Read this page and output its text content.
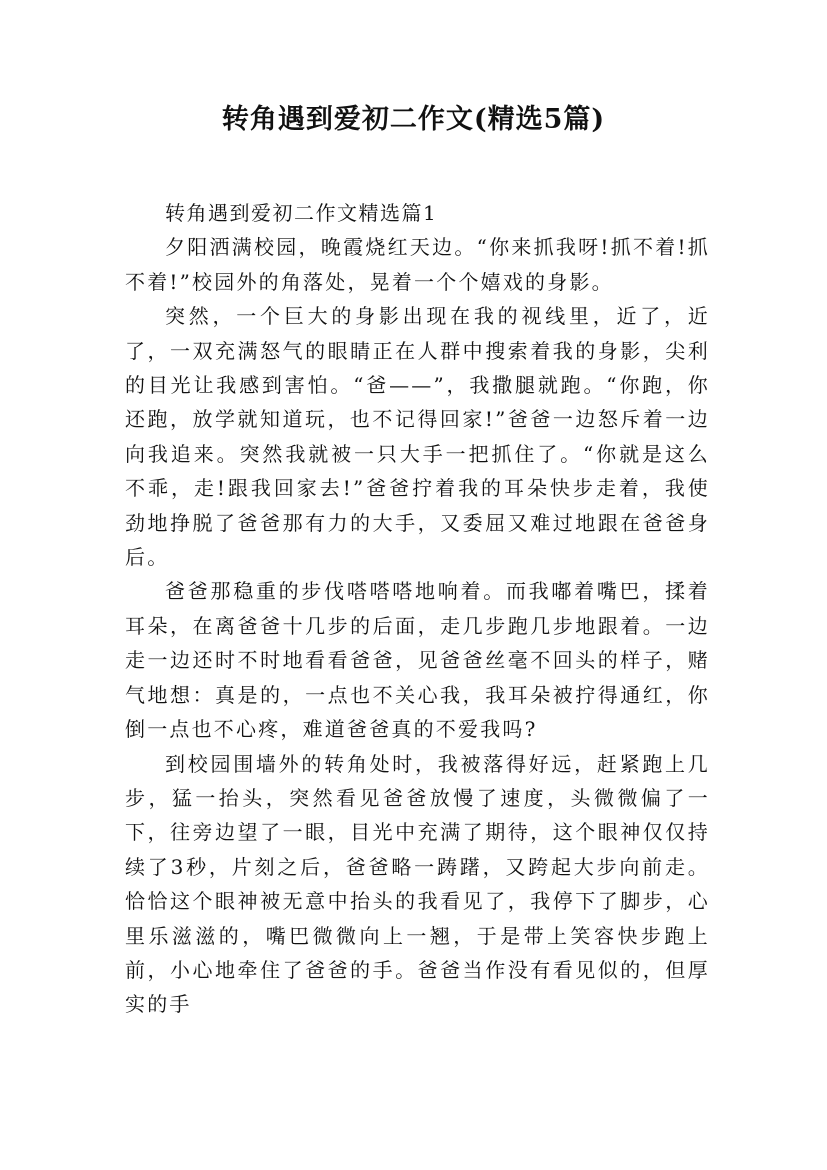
转角遇到爱初二作文(精选5篇)

转角遇到爱初二作文精选篇1

夕阳洒满校园，晚霞烧红天边。“你来抓我呀!抓不着!抓不着!”校园外的角落处，晃着一个个嬉戏的身影。

突然，一个巨大的身影出现在我的视线里，近了，近了，一双充满怒气的眼睛正在人群中搜索着我的身影，尖利的目光让我感到害怕。“爸——”，我撒腿就跑。“你跑，你还跑，放学就知道玩，也不记得回家!”爸爸一边怒斥着一边向我追来。突然我就被一只大手一把抓住了。“你就是这么不乖，走!跟我回家去!”爸爸拧着我的耳朵快步走着，我使劲地挣脱了爸爸那有力的大手，又委屈又难过地跟在爸爸身后。

爸爸那稳重的步伐嗒嗒嗒地响着。而我嘟着嘴巴，揉着耳朵，在离爸爸十几步的后面，走几步跑几步地跟着。一边走一边还时不时地看看爸爸，见爸爸丝毫不回头的样子，赌气地想：真是的，一点也不关心我，我耳朵被拧得通红，你倒一点也不心疼，难道爸爸真的不爱我吗?

到校园围墙外的转角处时，我被落得好远，赶紧跑上几步，猛一抬头，突然看见爸爸放慢了速度，头微微偏了一下，往旁边望了一眼，目光中充满了期待，这个眼神仅仅持续了3秒，片刻之后，爸爸略一踌躇，又跨起大步向前走。恰恰这个眼神被无意中抬头的我看见了，我停下了脚步，心里乐滋滋的，嘴巴微微向上一翘，于是带上笑容快步跑上前，小心地牵住了爸爸的手。爸爸当作没有看见似的，但厚实的手
